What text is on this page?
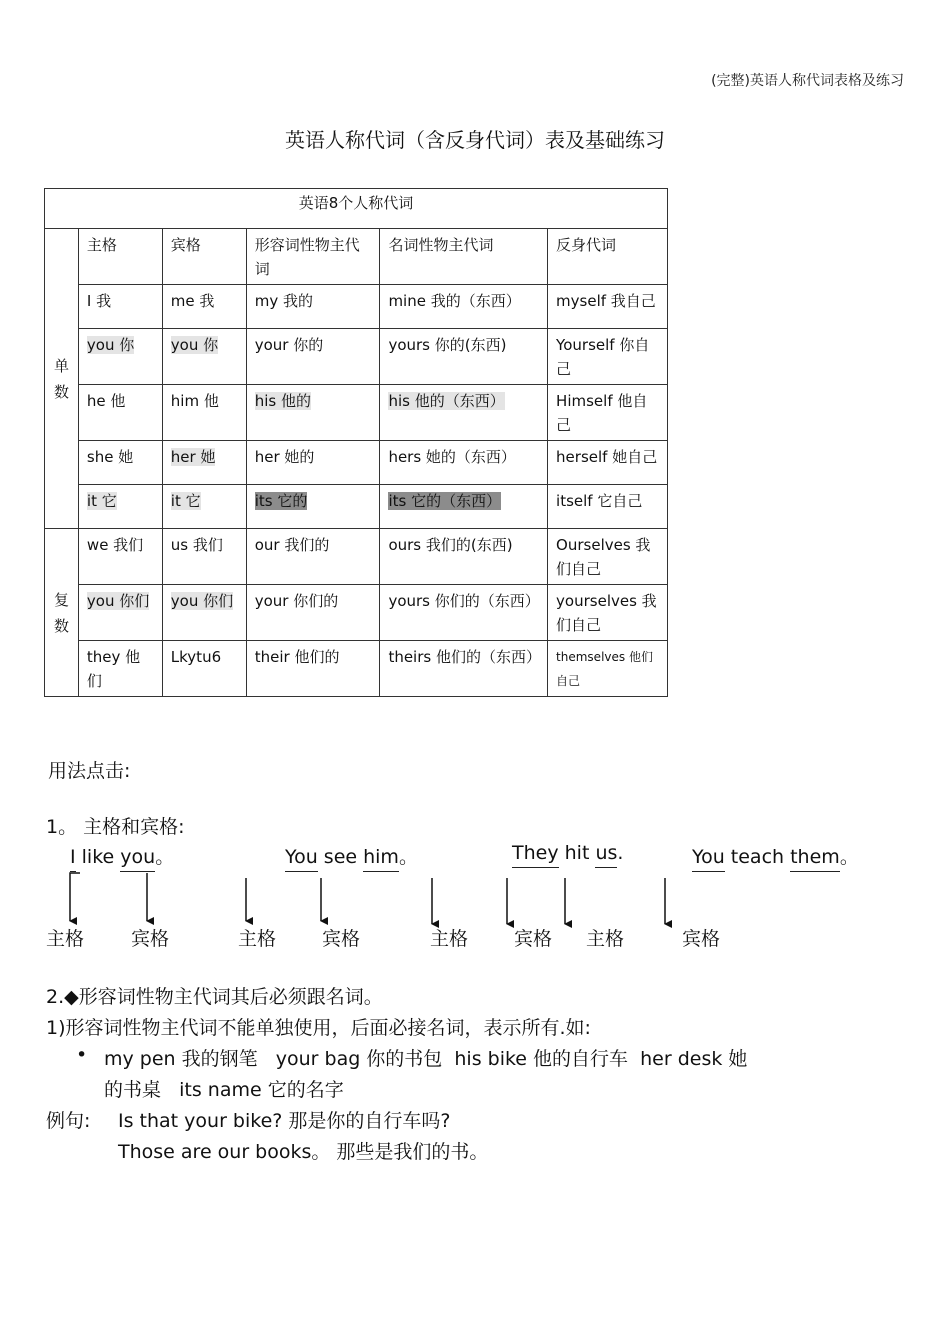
(完整)英语人称代词表格及练习
英语人称代词（含反身代词）表及基础练习
英语8个人称代词					
单
数	主格	宾格	形容词性物主代词	名词性物主代词	反身代词
	I 我	me 我	my 我的	mine 我的（东西）	myself 我自己
	you 你	you 你	your 你的	yours 你的(东西)	Yourself 你自己
	he 他	him 他	his 他的	his 他的（东西）	Himself 他自己
	she 她	her 她	her 她的	hers 她的（东西）	herself 她自己
	it 它	it 它	its 它的	its 它的（东西）	itself 它自己
复
数	we 我们	us 我们	our 我们的	ours 我们的(东西)	Ourselves 我们自己
	you 你们	you 你们	your 你们的	yours 你们的（东西）	yourselves 我们自己
	they 他们	Lkytu6	their 他们的	theirs 他们的（东西）	themselves 他们自己
用法点击:
1。 主格和宾格:
I like you。	You see him。	They hit us.	You teach them。
主格 宾格	主格 宾格	主格 宾格 主格	宾格
2.◆形容词性物主代词其后必须跟名词。
1)形容词性物主代词不能单独使用，后面必接名词，表示所有.如:
• my pen 我的钢笔   your bag 你的书包  his bike 他的自行车  her desk 她
的书桌   its name 它的名字
例句: Is that your bike? 那是你的自行车吗?
Those are our books。 那些是我们的书。
